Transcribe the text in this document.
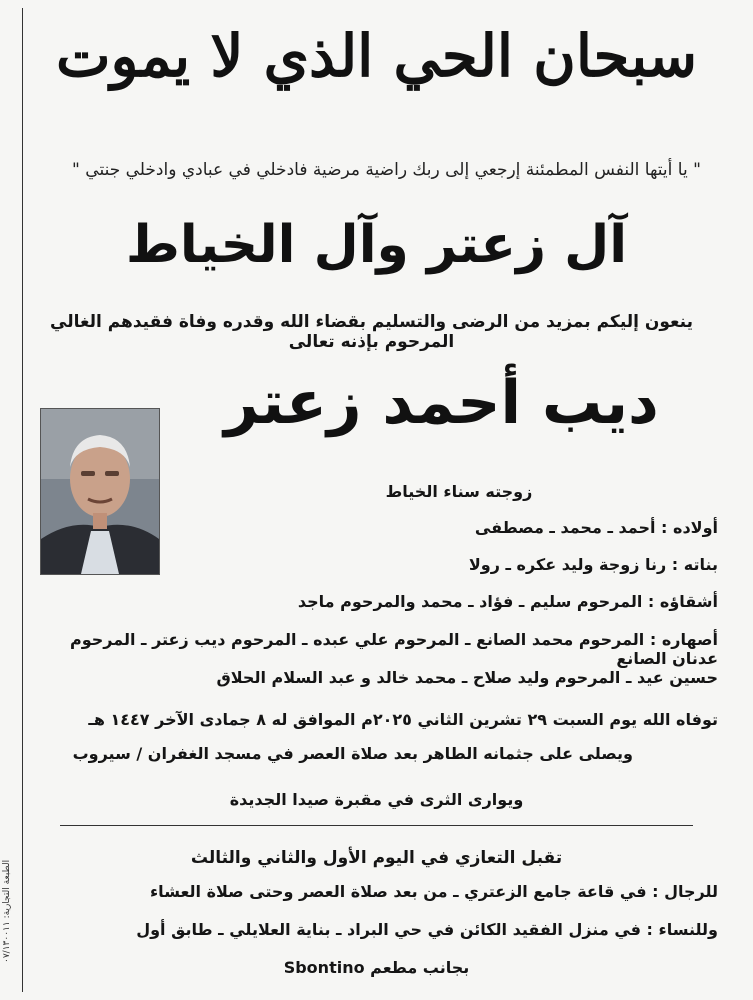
سبحان الحي الذي لا يموت
" يا أيتها النفس المطمئنة إرجعي إلى ربك راضية مرضية فادخلي في عبادي وادخلي جنتي "
آل زعتر وآل الخياط
ينعون إليكم بمزيد من الرضى والتسليم بقضاء الله وقدره وفاة فقيدهم الغالي المرحوم بإذنه تعالى
ديب أحمد زعتر
زوجته سناء الخياط
أولاده : أحمد ـ محمد ـ مصطفى
بناته : رنا زوجة وليد عكره ـ رولا
أشقاؤه : المرحوم سليم ـ فؤاد ـ محمد والمرحوم ماجد
أصهاره : المرحوم محمد الصانع ـ المرحوم علي عبده ـ المرحوم ديب زعتر ـ المرحوم عدنان الصانع
حسين عيد ـ المرحوم وليد صلاح ـ محمد خالد و عبد السلام الحلاق
توفاه الله يوم السبت ٢٩ تشرين الثاني ٢٠٢٥م الموافق له ٨ جمادى الآخر ١٤٤٧ هـ
ويصلى على جثمانه الطاهر بعد صلاة العصر في مسجد الغفران / سيروب
ويوارى الثرى في مقبرة صيدا الجديدة
تقبل التعازي في اليوم الأول والثاني والثالث
للرجال : في قاعة جامع الزعتري ـ من بعد صلاة العصر وحتى صلاة العشاء
وللنساء : في منزل الفقيد الكائن في حي البراد ـ بناية العلايلي ـ طابق أول
بجانب مطعم Sbontino
الطبعة التجارية: ٠٧/١٣٠٠١١
